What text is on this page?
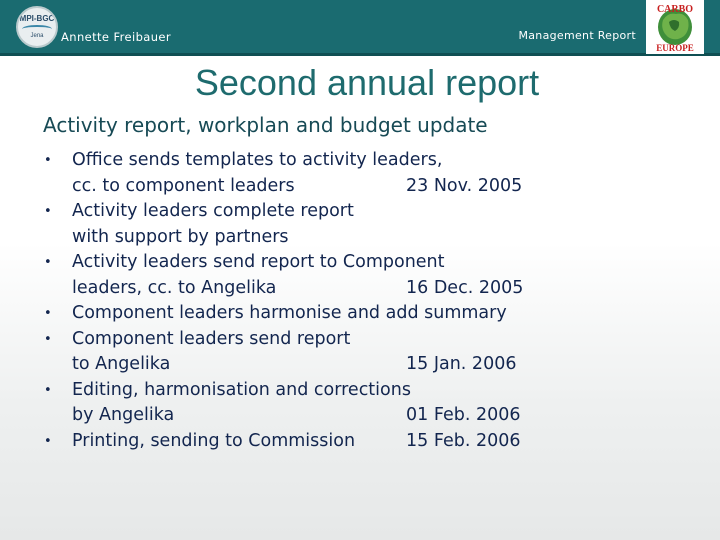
MPI-BGC
Jena	Annette Freibauer	Management Report
CARBO
EUROPE
Second annual report
Activity report, workplan and budget update
•	Office sends templates to activity leaders,
cc. to component leaders	23 Nov. 2005
•	Activity leaders complete report
with support by partners
•	Activity leaders send report to Component
leaders, cc. to Angelika	16 Dec. 2005
•	Component leaders harmonise and add summary
•	Component leaders send report
to Angelika	15 Jan. 2006
•	Editing, harmonisation and corrections
by Angelika	01 Feb. 2006
•	Printing, sending to Commission	15 Feb. 2006
